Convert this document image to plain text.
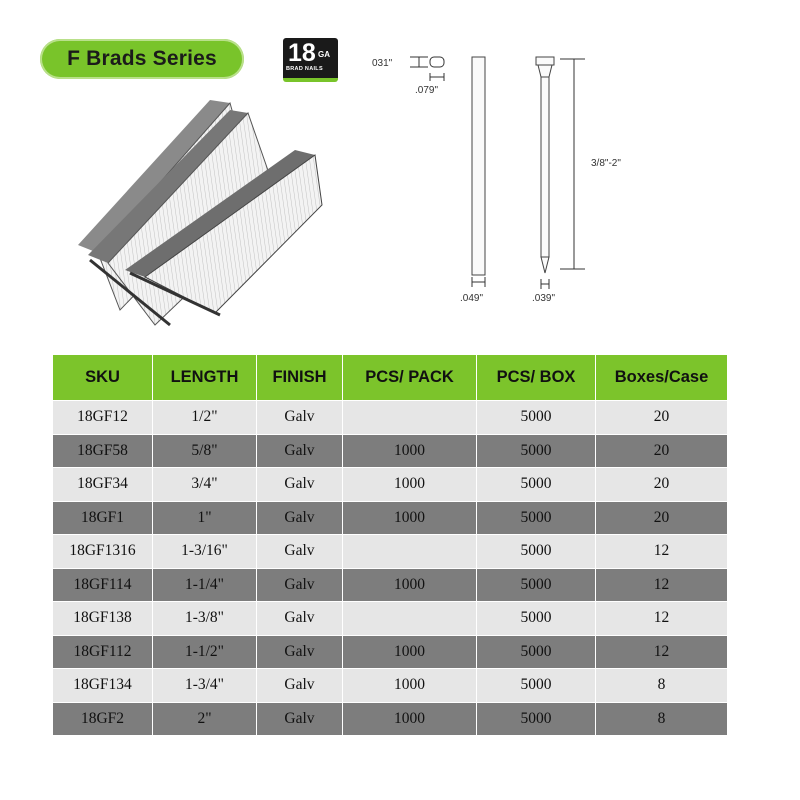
F Brads Series	18 GA
BRAD NAILS	031"
.079"
.049"	.039"
3/8"-2"
SKU	LENGTH	FINISH	PCS/ PACK	PCS/ BOX	Boxes/Case
18GF12	1/2"	Galv		5000	20
18GF58	5/8"	Galv	1000	5000	20
18GF34	3/4"	Galv	1000	5000	20
18GF1	1"	Galv	1000	5000	20
18GF1316	1-3/16"	Galv		5000	12
18GF114	1-1/4"	Galv	1000	5000	12
18GF138	1-3/8"	Galv		5000	12
18GF112	1-1/2"	Galv	1000	5000	12
18GF134	1-3/4"	Galv	1000	5000	8
18GF2	2"	Galv	1000	5000	8
